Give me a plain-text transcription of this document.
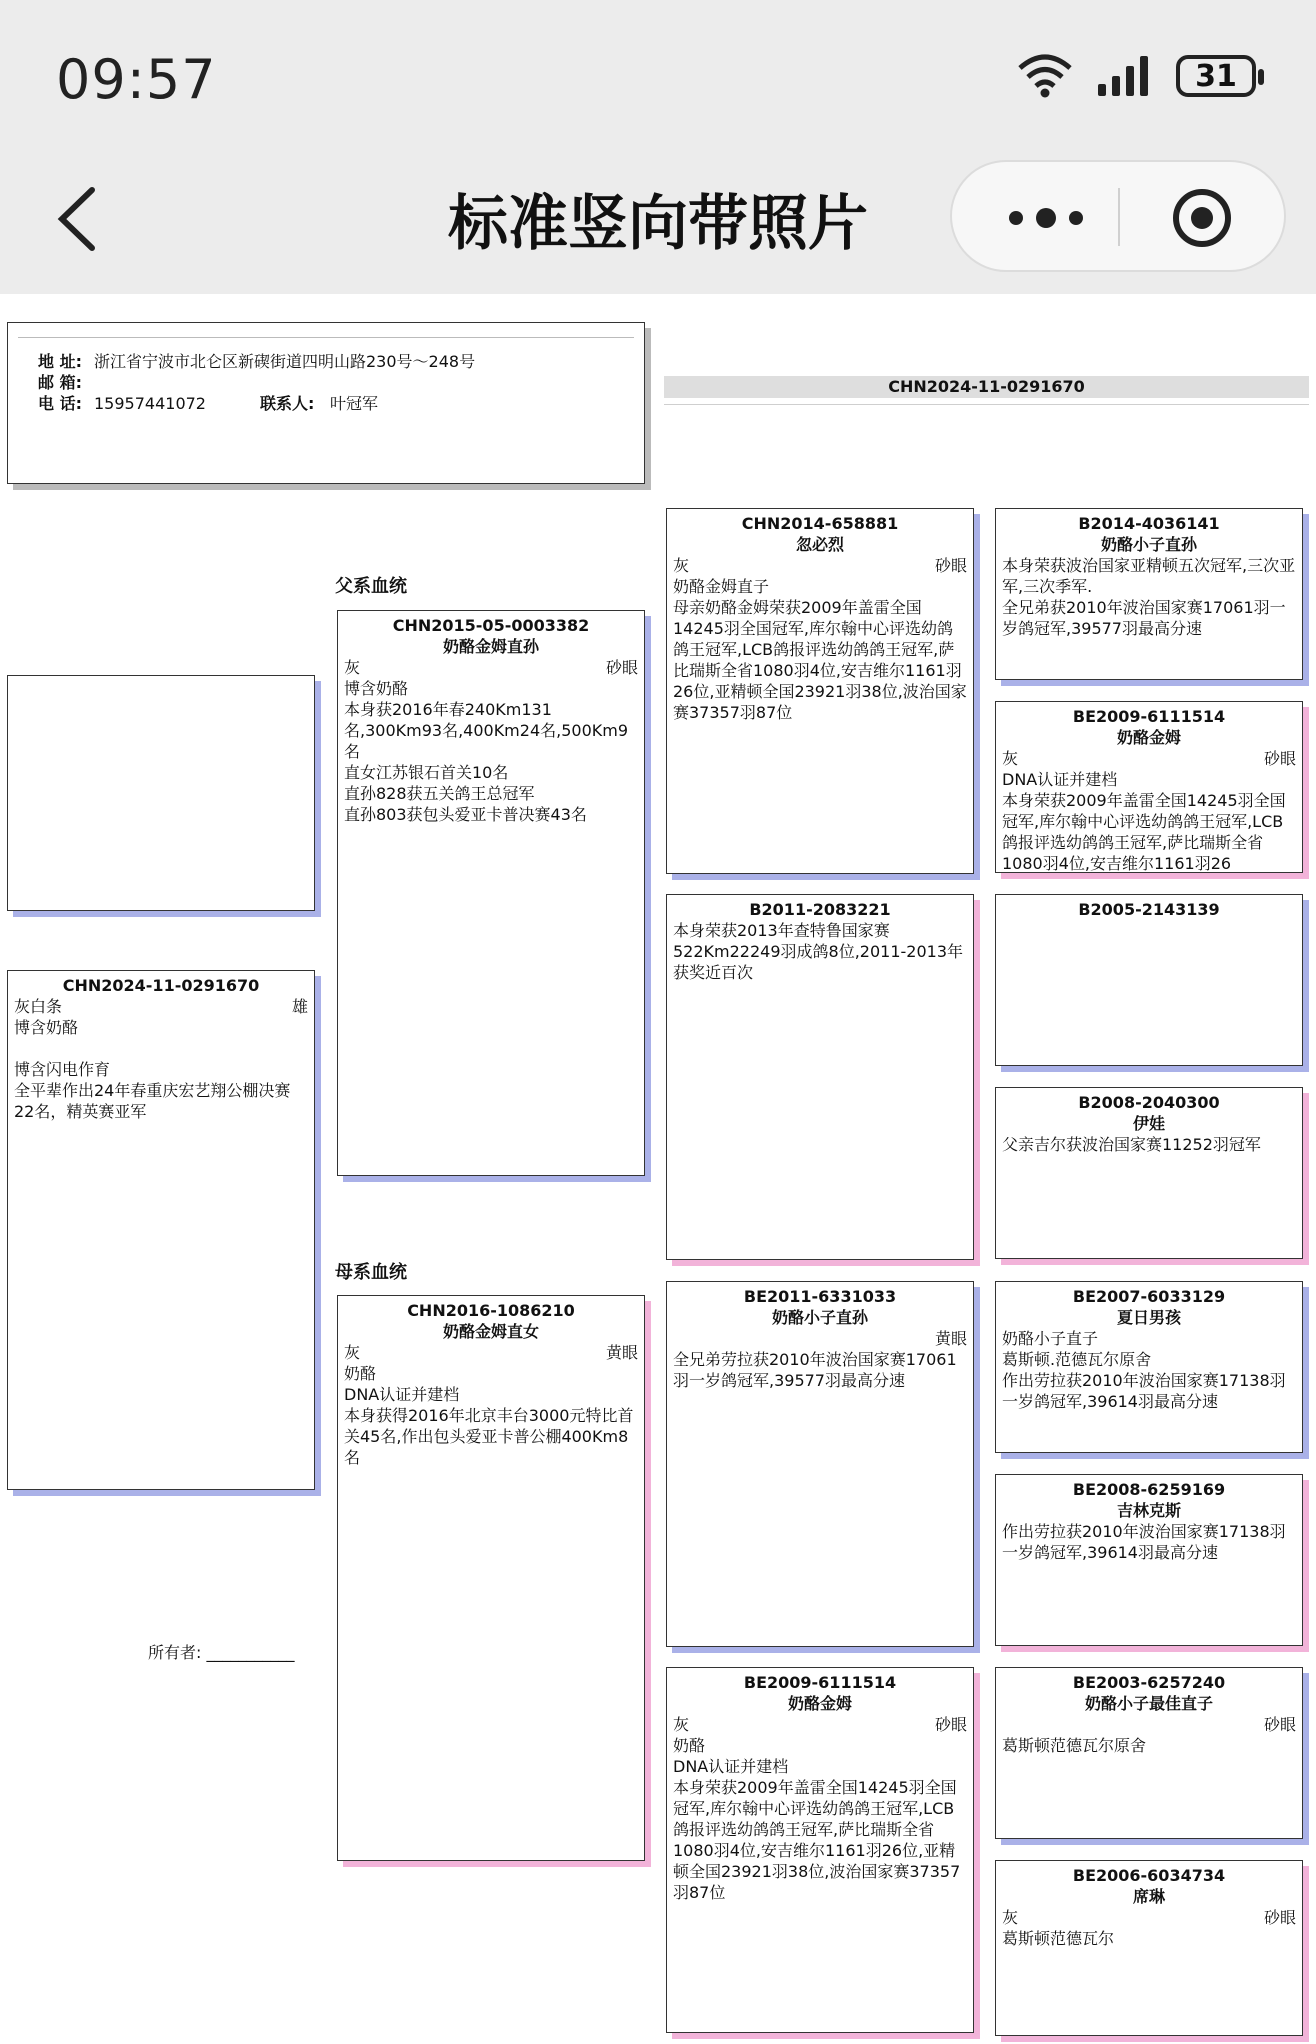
09:57	31
标准竖向带照片
地 址: 浙江省宁波市北仑区新碶街道四明山路230号～248号
邮 箱:
电 话: 15957441072	联系人: 叶冠军
CHN2024-11-0291670
CHN2024-11-0291670
灰白条	雄
博含奶酪

博含闪电作育
全平辈作出24年春重庆宏艺翔公棚决赛22名，精英赛亚军
所有者: ___________
父系血统
母系血统
CHN2015-05-0003382
奶酪金姆直孙
灰	砂眼
博含奶酪
本身获2016年春240Km131名,300Km93名,400Km24名,500Km9名
直女江苏银石首关10名
直孙828获五关鸽王总冠军
直孙803获包头爱亚卡普决赛43名
CHN2016-1086210
奶酪金姆直女
灰	黄眼
奶酪
DNA认证并建档
本身获得2016年北京丰台3000元特比首关45名,作出包头爱亚卡普公棚400Km8名
CHN2014-658881
忽必烈
灰	砂眼
奶酪金姆直子
母亲奶酪金姆荣获2009年盖雷全国14245羽全国冠军,库尔翰中心评选幼鸽鸽王冠军,LCB鸽报评选幼鸽鸽王冠军,萨比瑞斯全省1080羽4位,安吉维尔1161羽26位,亚精顿全国23921羽38位,波治国家赛37357羽87位
B2011-2083221
本身荣获2013年查特鲁国家赛522Km22249羽成鸽8位,2011-2013年获奖近百次
BE2011-6331033
奶酪小子直孙
黄眼
全兄弟劳拉获2010年波治国家赛17061羽一岁鸽冠军,39577羽最高分速
BE2009-6111514
奶酪金姆
灰	砂眼
奶酪
DNA认证并建档
本身荣获2009年盖雷全国14245羽全国冠军,库尔翰中心评选幼鸽鸽王冠军,LCB鸽报评选幼鸽鸽王冠军,萨比瑞斯全省1080羽4位,安吉维尔1161羽26位,亚精顿全国23921羽38位,波治国家赛37357羽87位
B2014-4036141
奶酪小子直孙
本身荣获波治国家亚精顿五次冠军,三次亚军,三次季军.
全兄弟获2010年波治国家赛17061羽一岁鸽冠军,39577羽最高分速
BE2009-6111514
奶酪金姆
灰	砂眼
DNA认证并建档
本身荣获2009年盖雷全国14245羽全国冠军,库尔翰中心评选幼鸽鸽王冠军,LCB鸽报评选幼鸽鸽王冠军,萨比瑞斯全省1080羽4位,安吉维尔1161羽26
B2005-2143139
B2008-2040300
伊娃
父亲吉尔获波治国家赛11252羽冠军
BE2007-6033129
夏日男孩
奶酪小子直子
葛斯顿.范德瓦尔原舍
作出劳拉获2010年波治国家赛17138羽一岁鸽冠军,39614羽最高分速
BE2008-6259169
吉林克斯
作出劳拉获2010年波治国家赛17138羽一岁鸽冠军,39614羽最高分速
BE2003-6257240
奶酪小子最佳直子
砂眼
葛斯顿范德瓦尔原舍
BE2006-6034734
席琳
灰	砂眼
葛斯顿范德瓦尔
